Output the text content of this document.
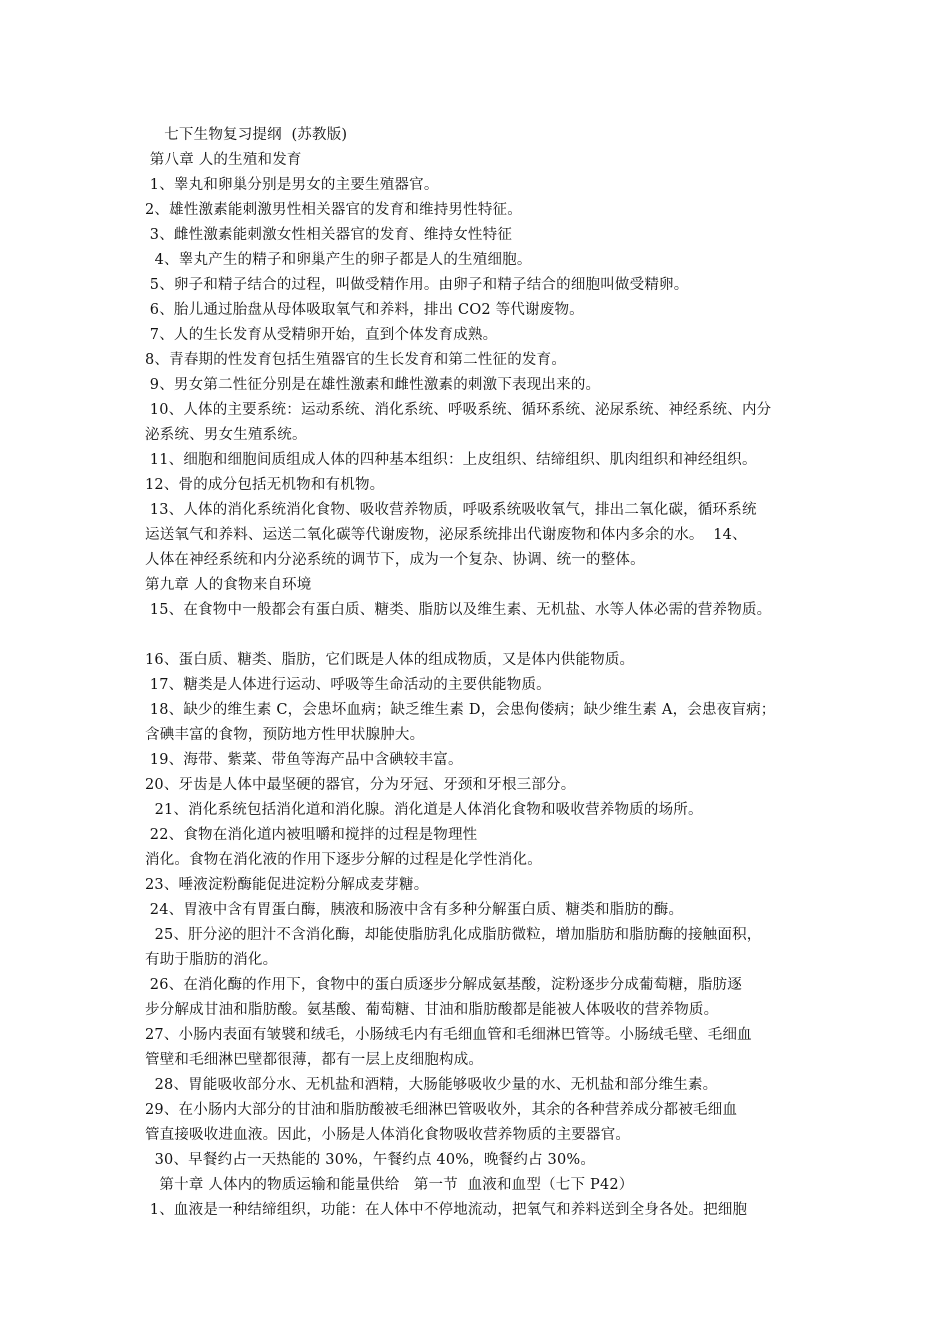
七下生物复习提纲  (苏教版)
第八章 人的生殖和发育
1、睾丸和卵巢分别是男女的主要生殖器官。
2、雄性激素能刺激男性相关器官的发育和维持男性特征。
3、雌性激素能刺激女性相关器官的发育、维持女性特征
4、睾丸产生的精子和卵巢产生的卵子都是人的生殖细胞。
5、卵子和精子结合的过程，叫做受精作用。由卵子和精子结合的细胞叫做受精卵。
6、胎儿通过胎盘从母体吸取氧气和养料，排出 CO2 等代谢废物。
7、人的生长发育从受精卵开始，直到个体发育成熟。
8、青春期的性发育包括生殖器官的生长发育和第二性征的发育。
9、男女第二性征分别是在雄性激素和雌性激素的刺激下表现出来的。
10、人体的主要系统：运动系统、消化系统、呼吸系统、循环系统、泌尿系统、神经系统、内分
泌系统、男女生殖系统。
11、细胞和细胞间质组成人体的四种基本组织：上皮组织、结缔组织、肌肉组织和神经组织。
12、骨的成分包括无机物和有机物。
13、人体的消化系统消化食物、吸收营养物质，呼吸系统吸收氧气，排出二氧化碳，循环系统
运送氧气和养料、运送二氧化碳等代谢废物，泌尿系统排出代谢废物和体内多余的水。  14、
人体在神经系统和内分泌系统的调节下，成为一个复杂、协调、统一的整体。
第九章 人的食物来自环境
15、在食物中一般都会有蛋白质、糖类、脂肪以及维生素、无机盐、水等人体必需的营养物质。
16、蛋白质、糖类、脂肪，它们既是人体的组成物质，又是体内供能物质。
17、糖类是人体进行运动、呼吸等生命活动的主要供能物质。
18、缺少的维生素 C，会患坏血病；缺乏维生素 D，会患佝偻病；缺少维生素 A，会患夜盲病；
含碘丰富的食物，预防地方性甲状腺肿大。
19、海带、紫菜、带鱼等海产品中含碘较丰富。
20、牙齿是人体中最坚硬的器官，分为牙冠、牙颈和牙根三部分。
21、消化系统包括消化道和消化腺。消化道是人体消化食物和吸收营养物质的场所。
22、食物在消化道内被咀嚼和搅拌的过程是物理性
消化。食物在消化液的作用下逐步分解的过程是化学性消化。
23、唾液淀粉酶能促进淀粉分解成麦芽糖。
24、胃液中含有胃蛋白酶，胰液和肠液中含有多种分解蛋白质、糖类和脂肪的酶。
25、肝分泌的胆汁不含消化酶，却能使脂肪乳化成脂肪微粒，增加脂肪和脂肪酶的接触面积，
有助于脂肪的消化。
26、在消化酶的作用下，食物中的蛋白质逐步分解成氨基酸，淀粉逐步分成葡萄糖，脂肪逐
步分解成甘油和脂肪酸。氨基酸、葡萄糖、甘油和脂肪酸都是能被人体吸收的营养物质。
27、小肠内表面有皱襞和绒毛，小肠绒毛内有毛细血管和毛细淋巴管等。小肠绒毛壁、毛细血
管壁和毛细淋巴壁都很薄，都有一层上皮细胞构成。
28、胃能吸收部分水、无机盐和酒精，大肠能够吸收少量的水、无机盐和部分维生素。
29、在小肠内大部分的甘油和脂肪酸被毛细淋巴管吸收外，其余的各种营养成分都被毛细血
管直接吸收进血液。因此，小肠是人体消化食物吸收营养物质的主要器官。
30、早餐约占一天热能的 30%，午餐约点 40%，晚餐约占 30%。
第十章 人体内的物质运输和能量供给   第一节  血液和血型（七下 P42）
1、血液是一种结缔组织，功能：在人体中不停地流动，把氧气和养料送到全身各处。把细胞
